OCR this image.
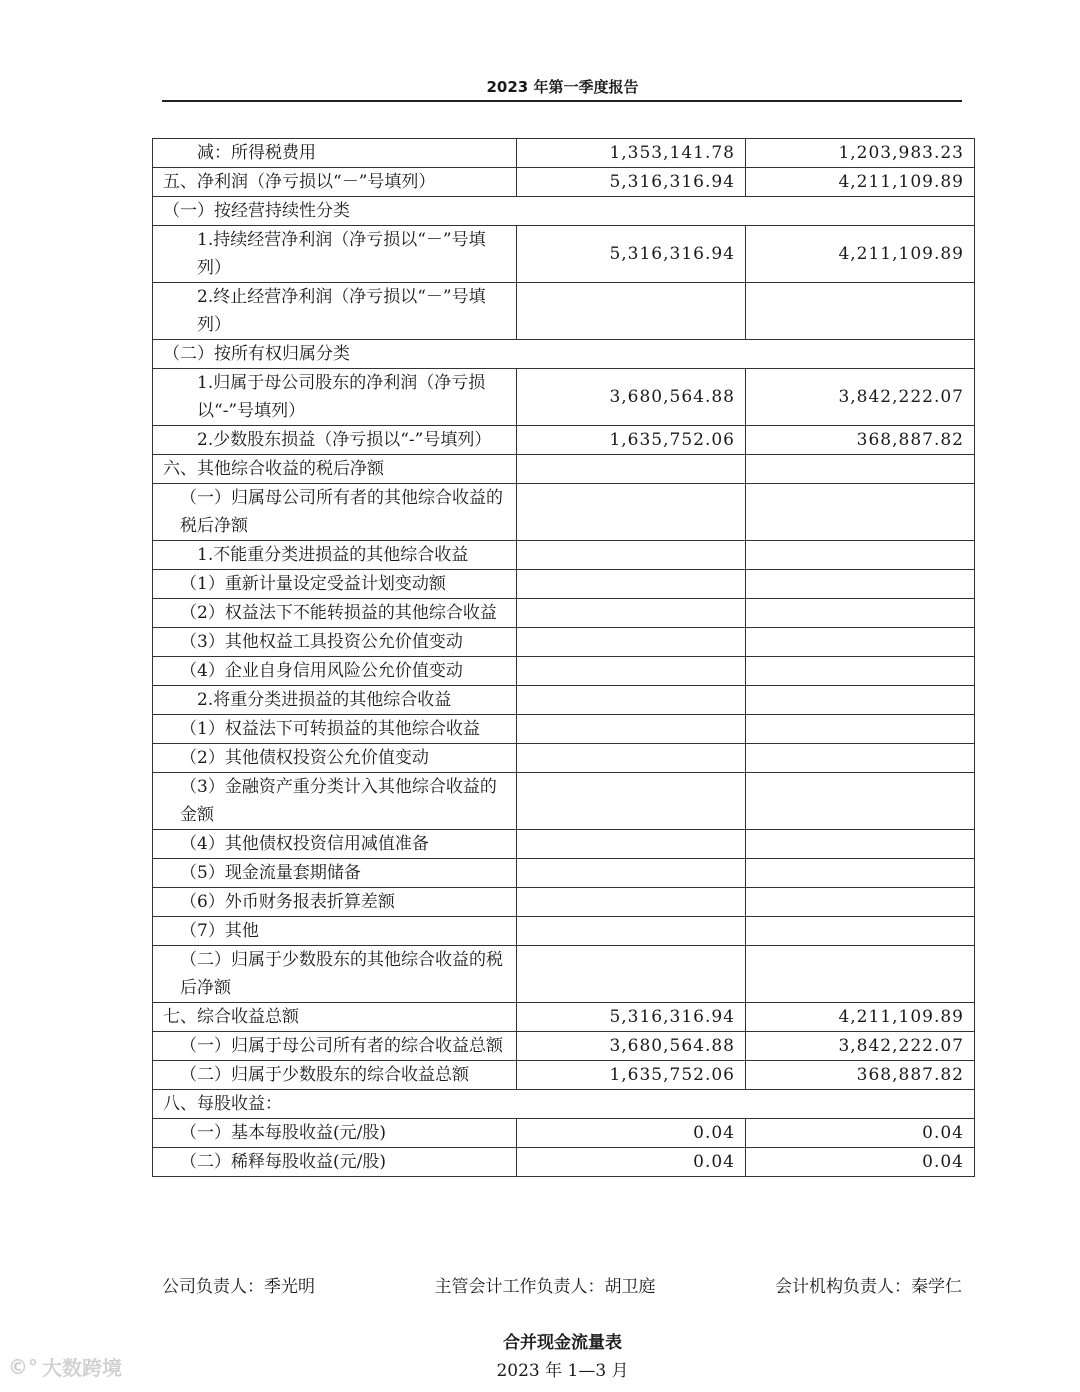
2023 年第一季度报告
减：所得税费用	1,353,141.78	1,203,983.23
五、净利润（净亏损以“－”号填列）	5,316,316.94	4,211,109.89
（一）按经营持续性分类		
1.持续经营净利润（净亏损以“－”号填列）	5,316,316.94	4,211,109.89
2.终止经营净利润（净亏损以“－”号填列）		
（二）按所有权归属分类		
1.归属于母公司股东的净利润（净亏损以“-”号填列）	3,680,564.88	3,842,222.07
2.少数股东损益（净亏损以“-”号填列）	1,635,752.06	368,887.82
六、其他综合收益的税后净额		
（一）归属母公司所有者的其他综合收益的税后净额		
1.不能重分类进损益的其他综合收益		
（1）重新计量设定受益计划变动额		
（2）权益法下不能转损益的其他综合收益		
（3）其他权益工具投资公允价值变动		
（4）企业自身信用风险公允价值变动		
2.将重分类进损益的其他综合收益		
（1）权益法下可转损益的其他综合收益		
（2）其他债权投资公允价值变动		
（3）金融资产重分类计入其他综合收益的金额		
（4）其他债权投资信用减值准备		
（5）现金流量套期储备		
（6）外币财务报表折算差额		
（7）其他		
（二）归属于少数股东的其他综合收益的税后净额		
七、综合收益总额	5,316,316.94	4,211,109.89
（一）归属于母公司所有者的综合收益总额	3,680,564.88	3,842,222.07
（二）归属于少数股东的综合收益总额	1,635,752.06	368,887.82
八、每股收益：		
（一）基本每股收益(元/股)	0.04	0.04
（二）稀释每股收益(元/股)	0.04	0.04
公司负责人：季光明	主管会计工作负责人：胡卫庭	会计机构负责人：秦学仁
合并现金流量表
2023 年 1—3 月
©° 大数跨境
